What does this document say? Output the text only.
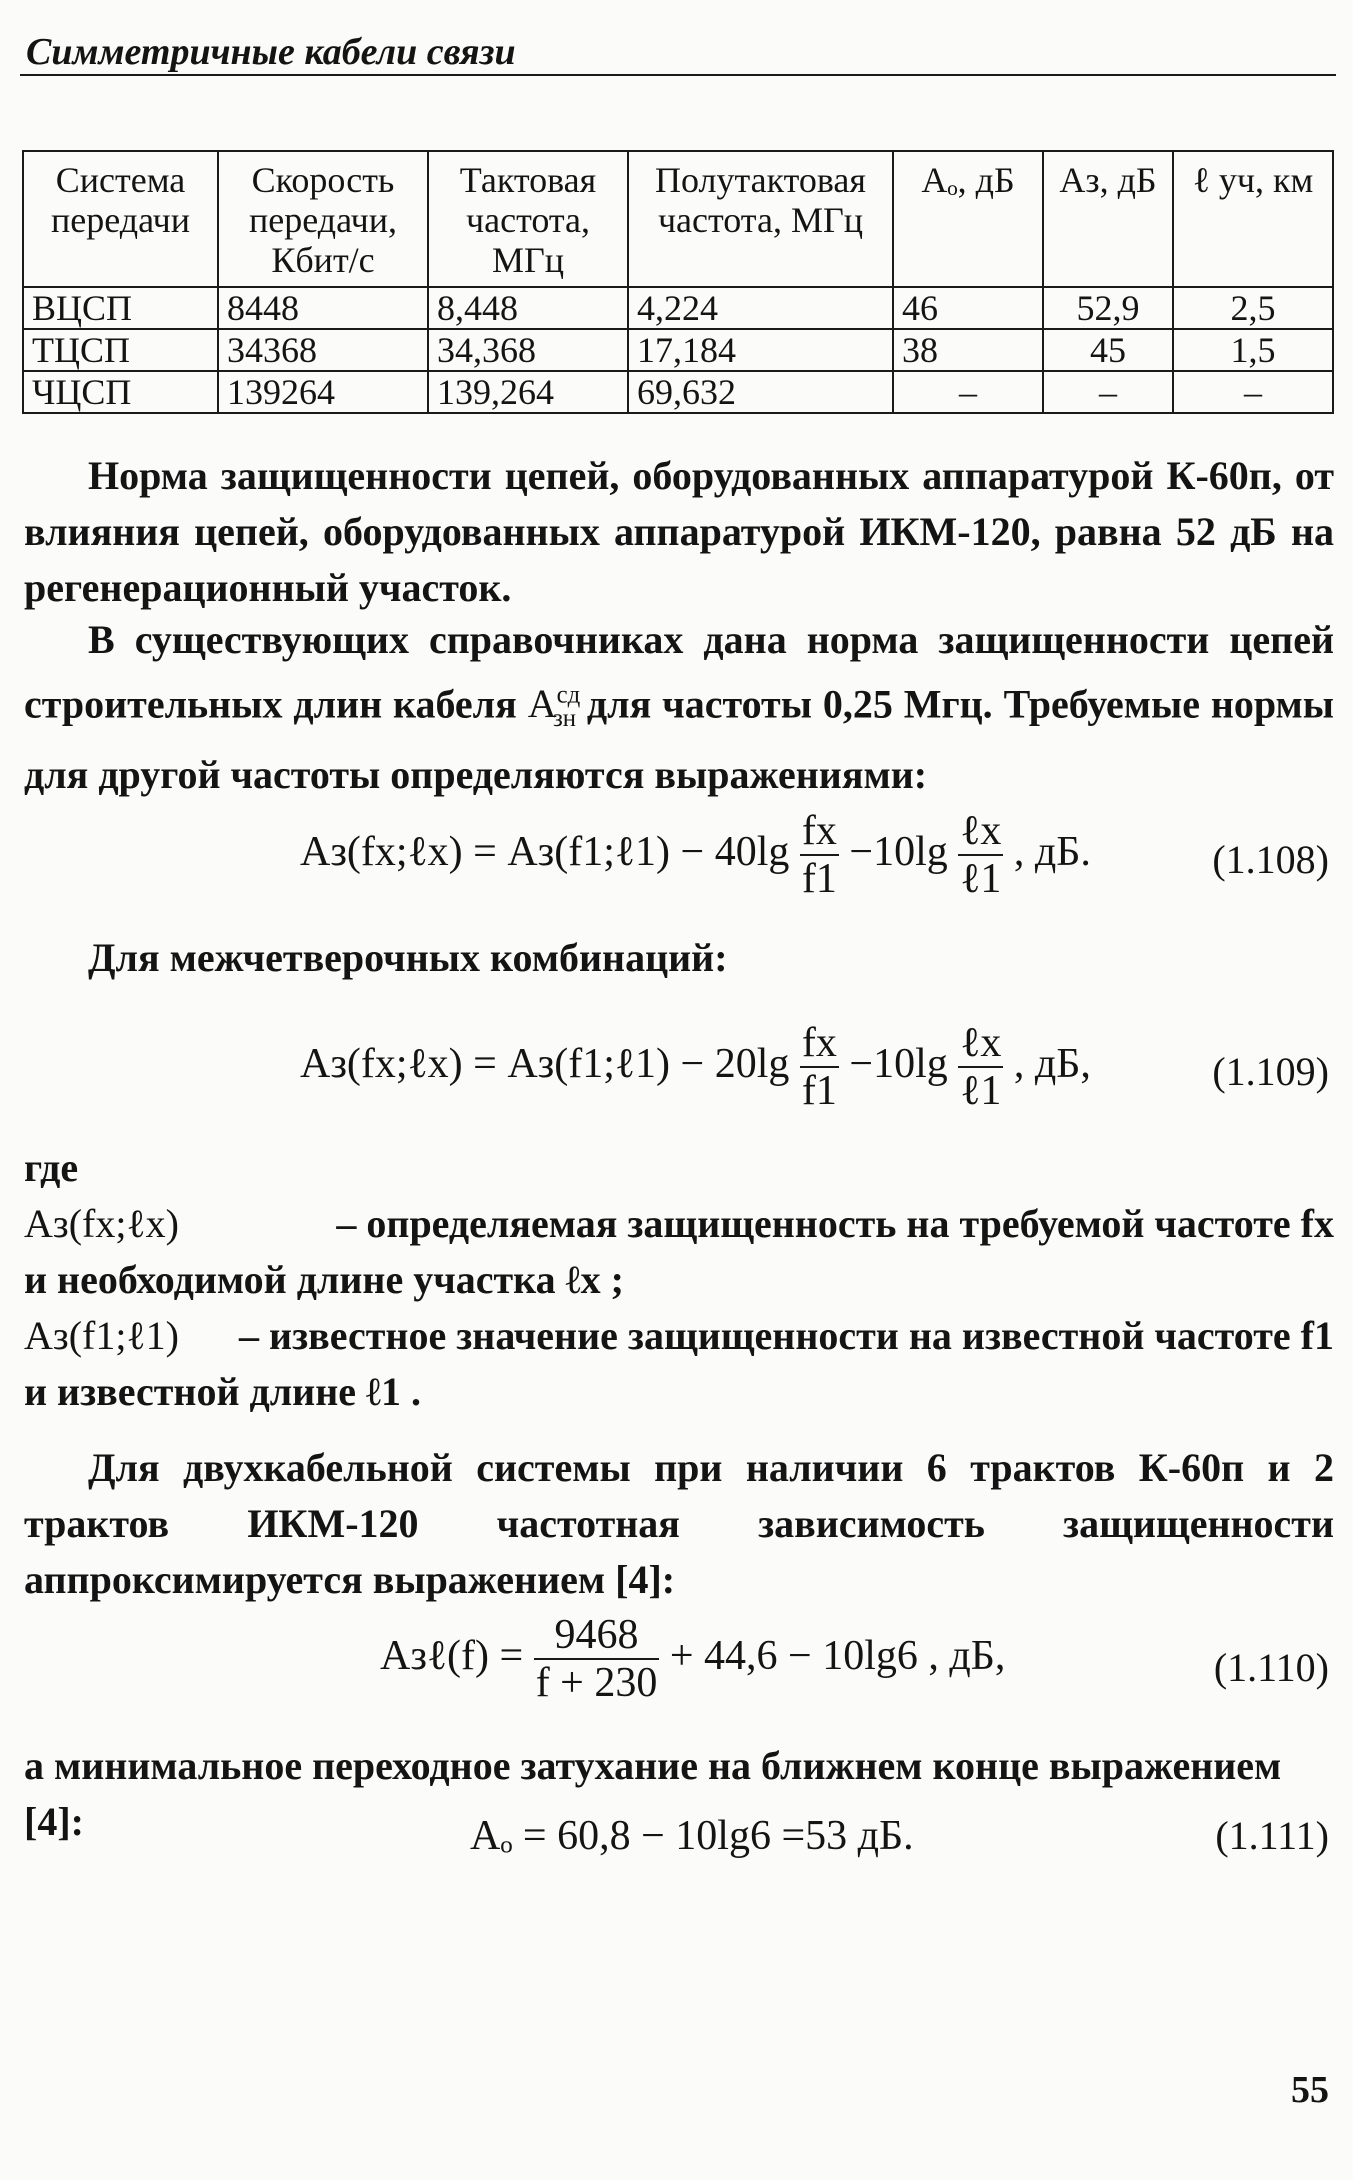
Симметричные кабели связи
Система передачи	Скорость передачи, Кбит/с	Тактовая частота, МГц	Полутактовая частота, МГц	Aₒ, дБ	Aз, дБ	ℓ уч, км
ВЦСП	8448	8,448	4,224	46	52,9	2,5
ТЦСП	34368	34,368	17,184	38	45	1,5
ЧЦСП	139264	139,264	69,632	–	–	–
Норма защищенности цепей, оборудованных аппаратурой К-60п, от влияния цепей, оборудованных аппаратурой ИКМ-120, равна 52 дБ на регенерационный участок.
В существующих справочниках дана норма защищенности цепей строительных длин кабеля $A^{сд}_{зн}$ для частоты 0,25 Мгц. Требуемые нормы для другой частоты определяются выражениями:
Aз(fx;ℓx) = Aз(f1;ℓ1) − $40\lg \frac{fx}{f1} -10\lg \frac{\text{ℓx}}{\text{ℓ1}}$ , дБ.	(1.108)
Для межчетверочных комбинаций:
Aз(fx;ℓx) = Aз(f1;ℓ1) − $20\lg \frac{fx}{f1} -10\lg \frac{\text{ℓx}}{\text{ℓ1}}$ , дБ,	(1.109)
где
Aз(fx;ℓx)	– определяемая защищенность на требуемой частоте fx
и необходимой длине участка ℓx ;
Aз(f1;ℓ1) – известное значение защищенности на известной частоте f1
и известной длине ℓ1 .
Для двухкабельной системы при наличии 6 трактов К-60п и 2 трактов ИКМ-120 частотная зависимость защищенности аппроксимируется выражением [4]:
Aзℓ(f) = $\frac{9468}{f + 230} + 44,6 - 10\lg 6$ , дБ,	(1.110)
а минимальное переходное затухание на ближнем конце выражением [4]:	Aₒ = 60,8 − 10lg6 =53 дБ.	(1.111)
55
